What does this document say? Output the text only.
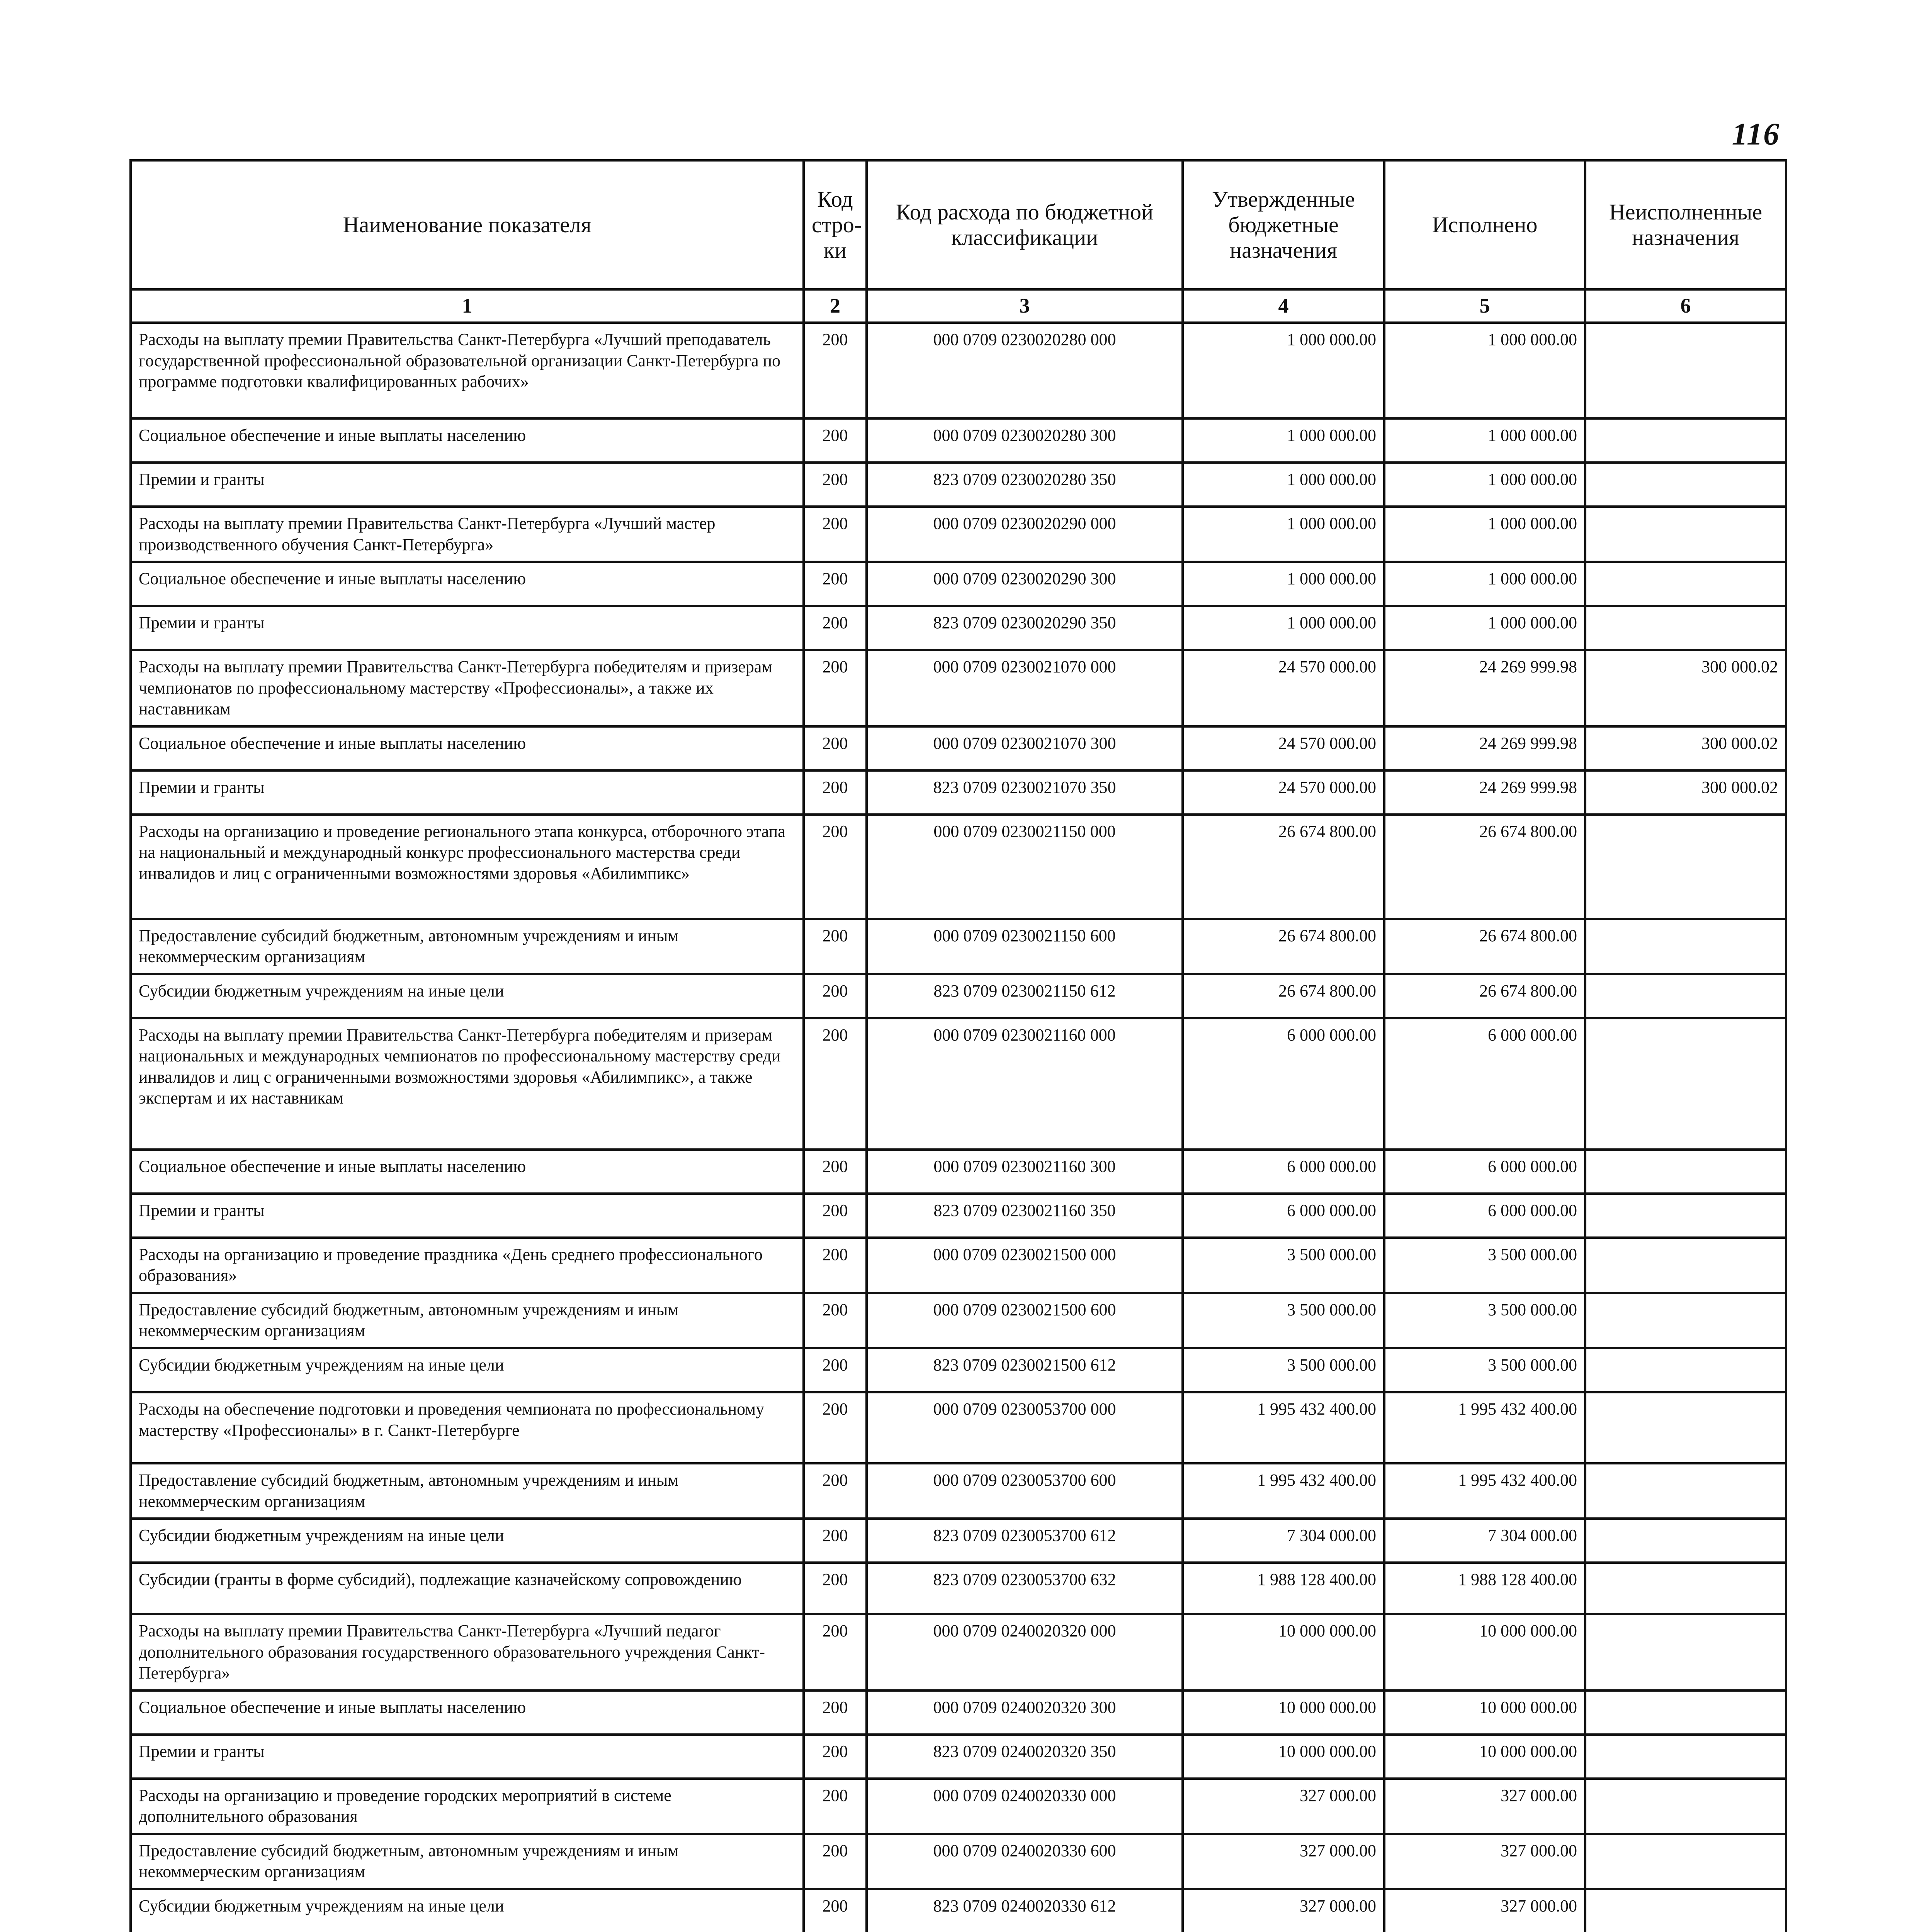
116
Наименование показателя	Код стро-ки	Код расхода по бюджетной классификации	Утвержденные бюджетные назначения	Исполнено	Неисполненные назначения
1	2	3	4	5	6

Расходы на выплату премии Правительства Санкт-Петербурга «Лучший преподаватель государственной профессиональной образовательной организации Санкт-Петербурга по программе подготовки квалифицированных рабочих»	200	000 0709 0230020280 000	1 000 000.00	1 000 000.00	

Социальное обеспечение и иные выплаты населению	200	000 0709 0230020280 300	1 000 000.00	1 000 000.00	

Премии и гранты	200	823 0709 0230020280 350	1 000 000.00	1 000 000.00	

Расходы на выплату премии Правительства Санкт-Петербурга «Лучший мастер производственного обучения Санкт-Петербурга»	200	000 0709 0230020290 000	1 000 000.00	1 000 000.00	

Социальное обеспечение и иные выплаты населению	200	000 0709 0230020290 300	1 000 000.00	1 000 000.00	

Премии и гранты	200	823 0709 0230020290 350	1 000 000.00	1 000 000.00	

Расходы на выплату премии Правительства Санкт-Петербурга победителям и призерам чемпионатов по профессиональному мастерству «Профессионалы», а также их наставникам	200	000 0709 0230021070 000	24 570 000.00	24 269 999.98	300 000.02

Социальное обеспечение и иные выплаты населению	200	000 0709 0230021070 300	24 570 000.00	24 269 999.98	300 000.02

Премии и гранты	200	823 0709 0230021070 350	24 570 000.00	24 269 999.98	300 000.02

Расходы на организацию и проведение регионального этапа конкурса, отборочного этапа на национальный и международный конкурс профессионального мастерства среди инвалидов и лиц с ограниченными возможностями здоровья «Абилимпикс»	200	000 0709 0230021150 000	26 674 800.00	26 674 800.00	

Предоставление субсидий бюджетным, автономным учреждениям и иным некоммерческим организациям	200	000 0709 0230021150 600	26 674 800.00	26 674 800.00	

Субсидии бюджетным учреждениям на иные цели	200	823 0709 0230021150 612	26 674 800.00	26 674 800.00	

Расходы на выплату премии Правительства Санкт-Петербурга победителям и призерам национальных и международных чемпионатов по профессиональному мастерству среди инвалидов и лиц с ограниченными возможностями здоровья «Абилимпикс», а также экспертам и их наставникам	200	000 0709 0230021160 000	6 000 000.00	6 000 000.00	

Социальное обеспечение и иные выплаты населению	200	000 0709 0230021160 300	6 000 000.00	6 000 000.00	

Премии и гранты	200	823 0709 0230021160 350	6 000 000.00	6 000 000.00	

Расходы на организацию и проведение праздника «День среднего профессионального образования»	200	000 0709 0230021500 000	3 500 000.00	3 500 000.00	

Предоставление субсидий бюджетным, автономным учреждениям и иным некоммерческим организациям	200	000 0709 0230021500 600	3 500 000.00	3 500 000.00	

Субсидии бюджетным учреждениям на иные цели	200	823 0709 0230021500 612	3 500 000.00	3 500 000.00	

Расходы на обеспечение подготовки и проведения чемпионата по профессиональному мастерству «Профессионалы» в г. Санкт-Петербурге	200	000 0709 0230053700 000	1 995 432 400.00	1 995 432 400.00	

Предоставление субсидий бюджетным, автономным учреждениям и иным некоммерческим организациям	200	000 0709 0230053700 600	1 995 432 400.00	1 995 432 400.00	

Субсидии бюджетным учреждениям на иные цели	200	823 0709 0230053700 612	7 304 000.00	7 304 000.00	

Субсидии (гранты в форме субсидий), подлежащие казначейскому сопровождению	200	823 0709 0230053700 632	1 988 128 400.00	1 988 128 400.00	

Расходы на выплату премии Правительства Санкт-Петербурга «Лучший педагог дополнительного образования государственного образовательного учреждения Санкт-Петербурга»	200	000 0709 0240020320 000	10 000 000.00	10 000 000.00	

Социальное обеспечение и иные выплаты населению	200	000 0709 0240020320 300	10 000 000.00	10 000 000.00	

Премии и гранты	200	823 0709 0240020320 350	10 000 000.00	10 000 000.00	

Расходы на организацию и проведение городских мероприятий в системе дополнительного образования	200	000 0709 0240020330 000	327 000.00	327 000.00	

Предоставление субсидий бюджетным, автономным учреждениям и иным некоммерческим организациям	200	000 0709 0240020330 600	327 000.00	327 000.00	

Субсидии бюджетным учреждениям на иные цели	200	823 0709 0240020330 612	327 000.00	327 000.00	
